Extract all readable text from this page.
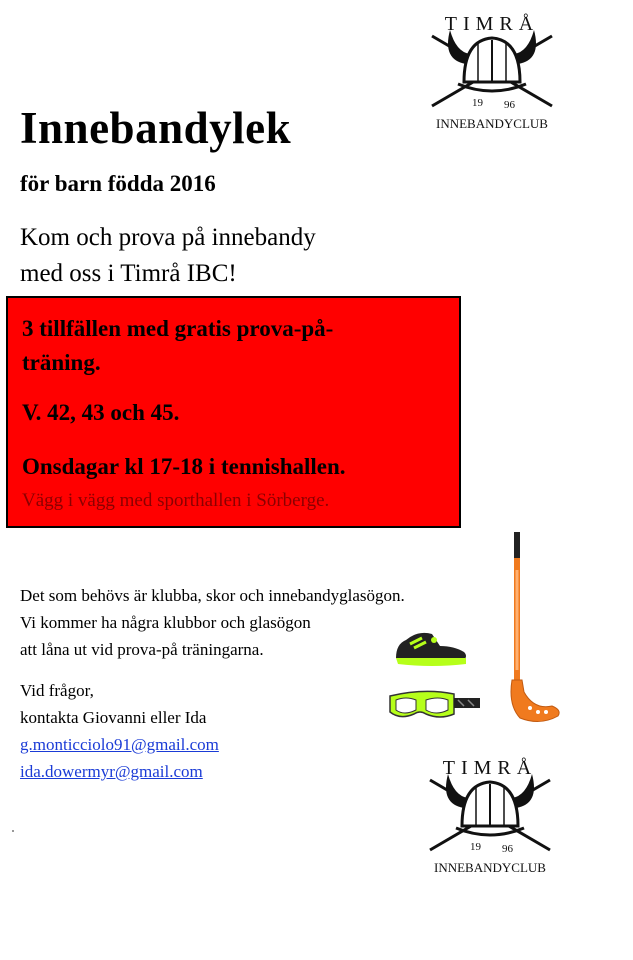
19 96
TIMRÅ
INNEBANDYCLUB
Innebandylek
för barn födda 2016
Kom och prova på innebandy
med oss i Timrå IBC!
3 tillfällen med gratis prova-på-
träning.
V. 42, 43 och 45.
Onsdagar kl 17-18 i tennishallen.
Vägg i vägg med sporthallen i Sörberge.
Det som behövs är klubba, skor och innebandyglasögon.
Vi kommer ha några klubbor och glasögon
att låna ut vid prova-på träningarna.
Vid frågor,
kontakta Giovanni eller Ida
g.monticciolo91@gmail.com
ida.dowermyr@gmail.com
19 96
TIMRÅ
INNEBANDYCLUB
